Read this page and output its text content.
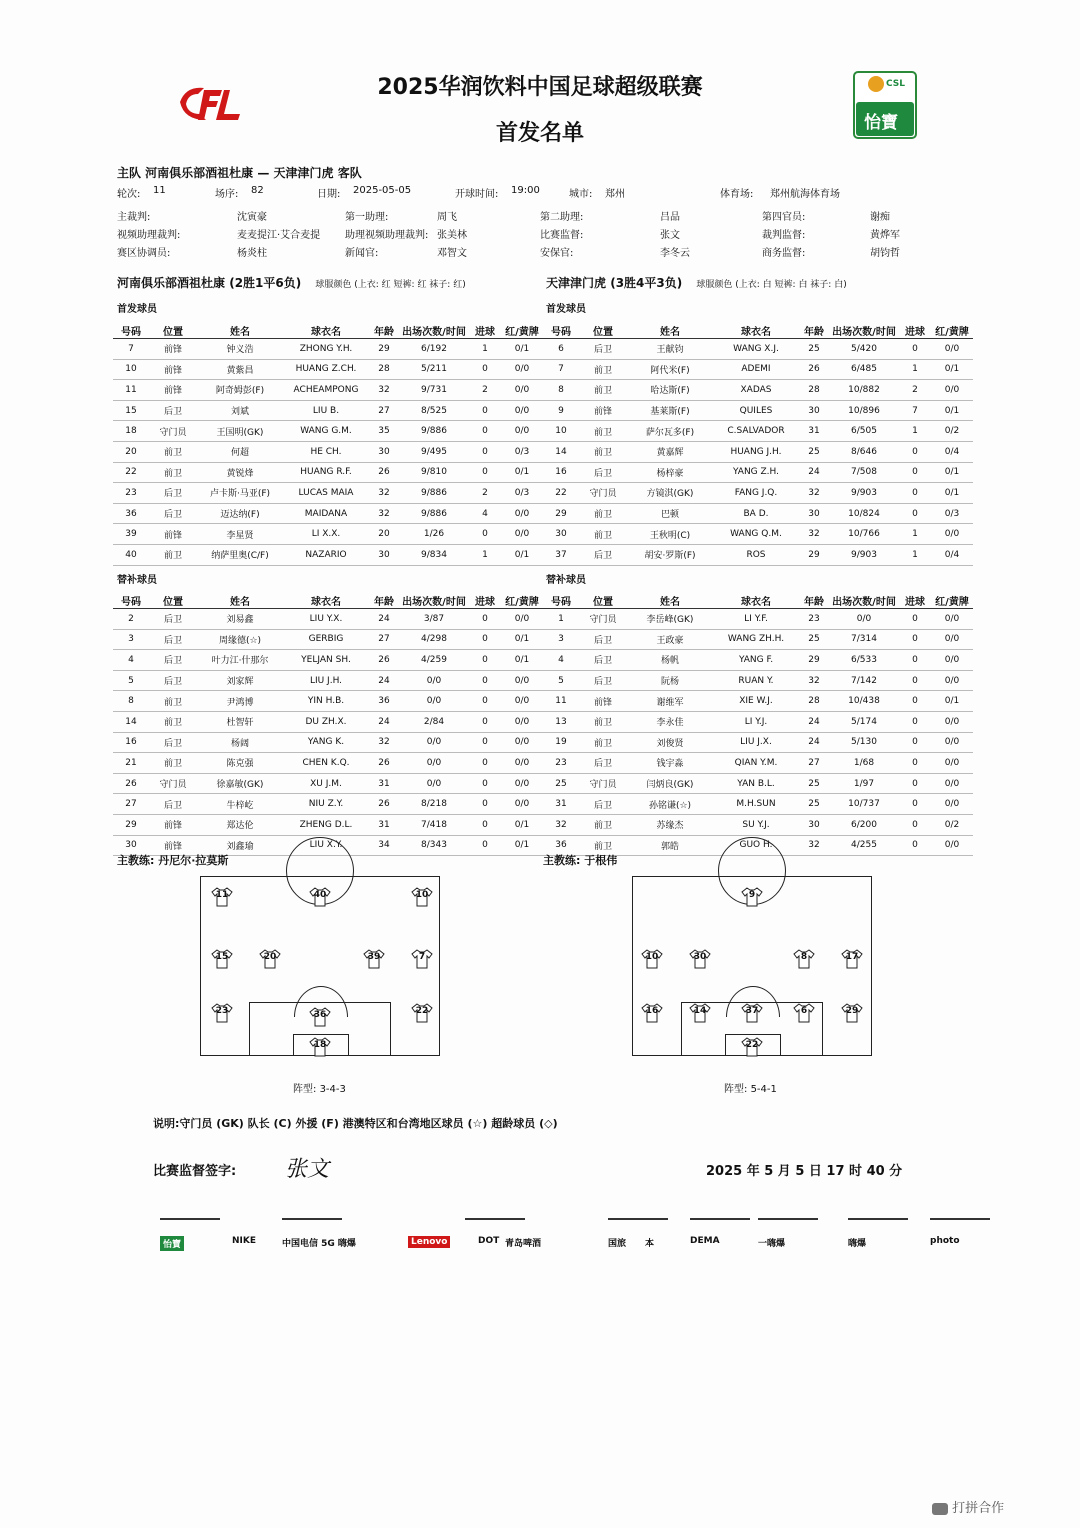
2025华润饮料中国足球超级联赛
首发名单
CSL
怡寶
主队 河南俱乐部酒祖杜康 — 天津津门虎 客队
轮次: 11	场序: 82	日期: 2025-05-05	开球时间: 19:00	城市: 郑州	体育场: 郑州航海体育场
主裁判:	沈寅豪	第一助理:	周飞	第二助理:	吕品	第四官员:	谢痴
视频助理裁判:	麦麦提江·艾合麦提 助理视频助理裁判: 张美林	比赛监督:	张文	裁判监督:	黄烨军
赛区协调员:	杨炎柱	新闻官:	邓智文	安保官:	李冬云	商务监督:	胡钧哲
河南俱乐部酒祖杜康 (2胜1平6负) 球服颜色 (上衣: 红 短裤: 红 袜子: 红)	天津津门虎 (3胜4平3负) 球服颜色 (上衣: 白 短裤: 白 袜子: 白)
首发球员	首发球员
号码	位置	姓名	球衣名	年龄	出场次数/时间	进球	红/黄牌
7	前锋	钟义浩	ZHONG Y.H.	29	6/192	1	0/1
10	前锋	黄紫昌	HUANG Z.CH.	28	5/211	0	0/0
11	前锋	阿奇姆彭(F)	ACHEAMPONG	32	9/731	2	0/0
15	后卫	刘斌	LIU B.	27	8/525	0	0/0
18	守门员	王国明(GK)	WANG G.M.	35	9/886	0	0/0
20	前卫	何超	HE CH.	30	9/495	0	0/3
22	前卫	黄锐烽	HUANG R.F.	26	9/810	0	0/1
23	后卫	卢卡斯·马亚(F)	LUCAS MAIA	32	9/886	2	0/3
36	后卫	迈达纳(F)	MAIDANA	32	9/886	4	0/0
39	前锋	李星贤	LI X.X.	20	1/26	0	0/0
40	前卫	纳萨里奥(C/F)	NAZARIO	30	9/834	1	0/1
号码	位置	姓名	球衣名	年龄	出场次数/时间	进球	红/黄牌
6	后卫	王献钧	WANG X.J.	25	5/420	0	0/0
7	前卫	阿代米(F)	ADEMI	26	6/485	1	0/1
8	前卫	哈达斯(F)	XADAS	28	10/882	2	0/0
9	前锋	基莱斯(F)	QUILES	30	10/896	7	0/1
10	前卫	萨尔瓦多(F)	C.SALVADOR	31	6/505	1	0/2
14	前卫	黄嘉辉	HUANG J.H.	25	8/646	0	0/4
16	后卫	杨梓豪	YANG Z.H.	24	7/508	0	0/1
22	守门员	方镜淇(GK)	FANG J.Q.	32	9/903	0	0/1
29	前卫	巴顿	BA D.	30	10/824	0	0/3
30	前卫	王秋明(C)	WANG Q.M.	32	10/766	1	0/0
37	后卫	胡安·罗斯(F)	ROS	29	9/903	1	0/4
替补球员	替补球员
号码	位置	姓名	球衣名	年龄	出场次数/时间	进球	红/黄牌
2	后卫	刘易鑫	LIU Y.X.	24	3/87	0	0/0
3	后卫	周缘德(☆)	GERBIG	27	4/298	0	0/1
4	后卫	叶力江·什那尔	YELJAN SH.	26	4/259	0	0/1
5	后卫	刘家辉	LIU J.H.	24	0/0	0	0/0
8	前卫	尹鸿博	YIN H.B.	36	0/0	0	0/0
14	前卫	杜智轩	DU ZH.X.	24	2/84	0	0/0
16	后卫	杨阔	YANG K.	32	0/0	0	0/0
21	前卫	陈克强	CHEN K.Q.	26	0/0	0	0/0
26	守门员	徐嘉敏(GK)	XU J.M.	31	0/0	0	0/0
27	后卫	牛梓屹	NIU Z.Y.	26	8/218	0	0/0
29	前锋	郑达伦	ZHENG D.L.	31	7/418	0	0/1
30	前锋	刘鑫瑜	LIU X.Y.	34	8/343	0	0/1
号码	位置	姓名	球衣名	年龄	出场次数/时间	进球	红/黄牌
1	守门员	李岳峰(GK)	LI Y.F.	23	0/0	0	0/0
3	后卫	王政豪	WANG ZH.H.	25	7/314	0	0/0
4	后卫	杨帆	YANG F.	29	6/533	0	0/0
5	后卫	阮杨	RUAN Y.	32	7/142	0	0/0
11	前锋	谢维军	XIE W.J.	28	10/438	0	0/1
13	前卫	李永佳	LI Y.J.	24	5/174	0	0/0
19	前卫	刘俊贤	LIU J.X.	24	5/130	0	0/0
23	后卫	钱宇淼	QIAN Y.M.	27	1/68	0	0/0
25	守门员	闫炳良(GK)	YAN B.L.	25	1/97	0	0/0
31	后卫	孙铭谦(☆)	M.H.SUN	25	10/737	0	0/0
32	前卫	苏缘杰	SU Y.J.	30	6/200	0	0/2
36	前卫	郭皓	GUO H.	32	4/255	0	0/0
主教练: 丹尼尔·拉莫斯	主教练: 于根伟
11	40	10
15	20	39	7
23	36	22
18
9
10	30	8	17
16	14	37	6	29
22
阵型: 3-4-3	阵型: 5-4-1
说明:守门员 (GK) 队长 (C) 外援 (F) 港澳特区和台湾地区球员 (☆) 超龄球员 (◇)
比赛监督签字: 张文	2025 年 5 月 5 日 17 时 40 分
怡寶	NIKE	中国电信 5G 嗨爆	Lenovo	DOT 青岛啤酒	国旅 本	DEMA	一嗨爆	嗨爆	photo
打拼合作
